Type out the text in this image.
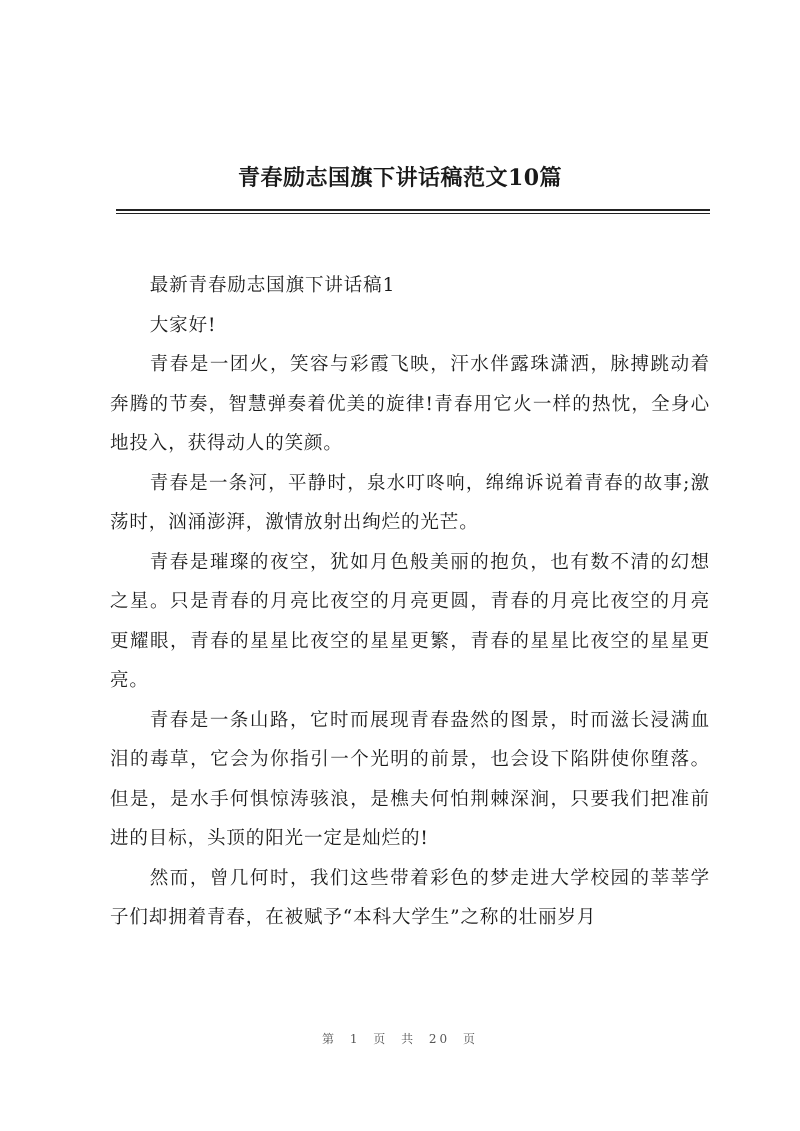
青春励志国旗下讲话稿范文10篇

最新青春励志国旗下讲话稿1

大家好!

青春是一团火，笑容与彩霞飞映，汗水伴露珠潇洒，脉搏跳动着奔腾的节奏，智慧弹奏着优美的旋律!青春用它火一样的热忱，全身心地投入，获得动人的笑颜。

青春是一条河，平静时，泉水叮咚响，绵绵诉说着青春的故事;激荡时，汹涌澎湃，激情放射出绚烂的光芒。

青春是璀璨的夜空，犹如月色般美丽的抱负，也有数不清的幻想之星。只是青春的月亮比夜空的月亮更圆，青春的月亮比夜空的月亮更耀眼，青春的星星比夜空的星星更繁，青春的星星比夜空的星星更亮。

青春是一条山路，它时而展现青春盎然的图景，时而滋长浸满血泪的毒草，它会为你指引一个光明的前景，也会设下陷阱使你堕落。但是，是水手何惧惊涛骇浪，是樵夫何怕荆棘深涧，只要我们把准前进的目标，头顶的阳光一定是灿烂的!

然而，曾几何时，我们这些带着彩色的梦走进大学校园的莘莘学子们却拥着青春，在被赋予“本科大学生”之称的壮丽岁月

第 1 页 共 20 页
